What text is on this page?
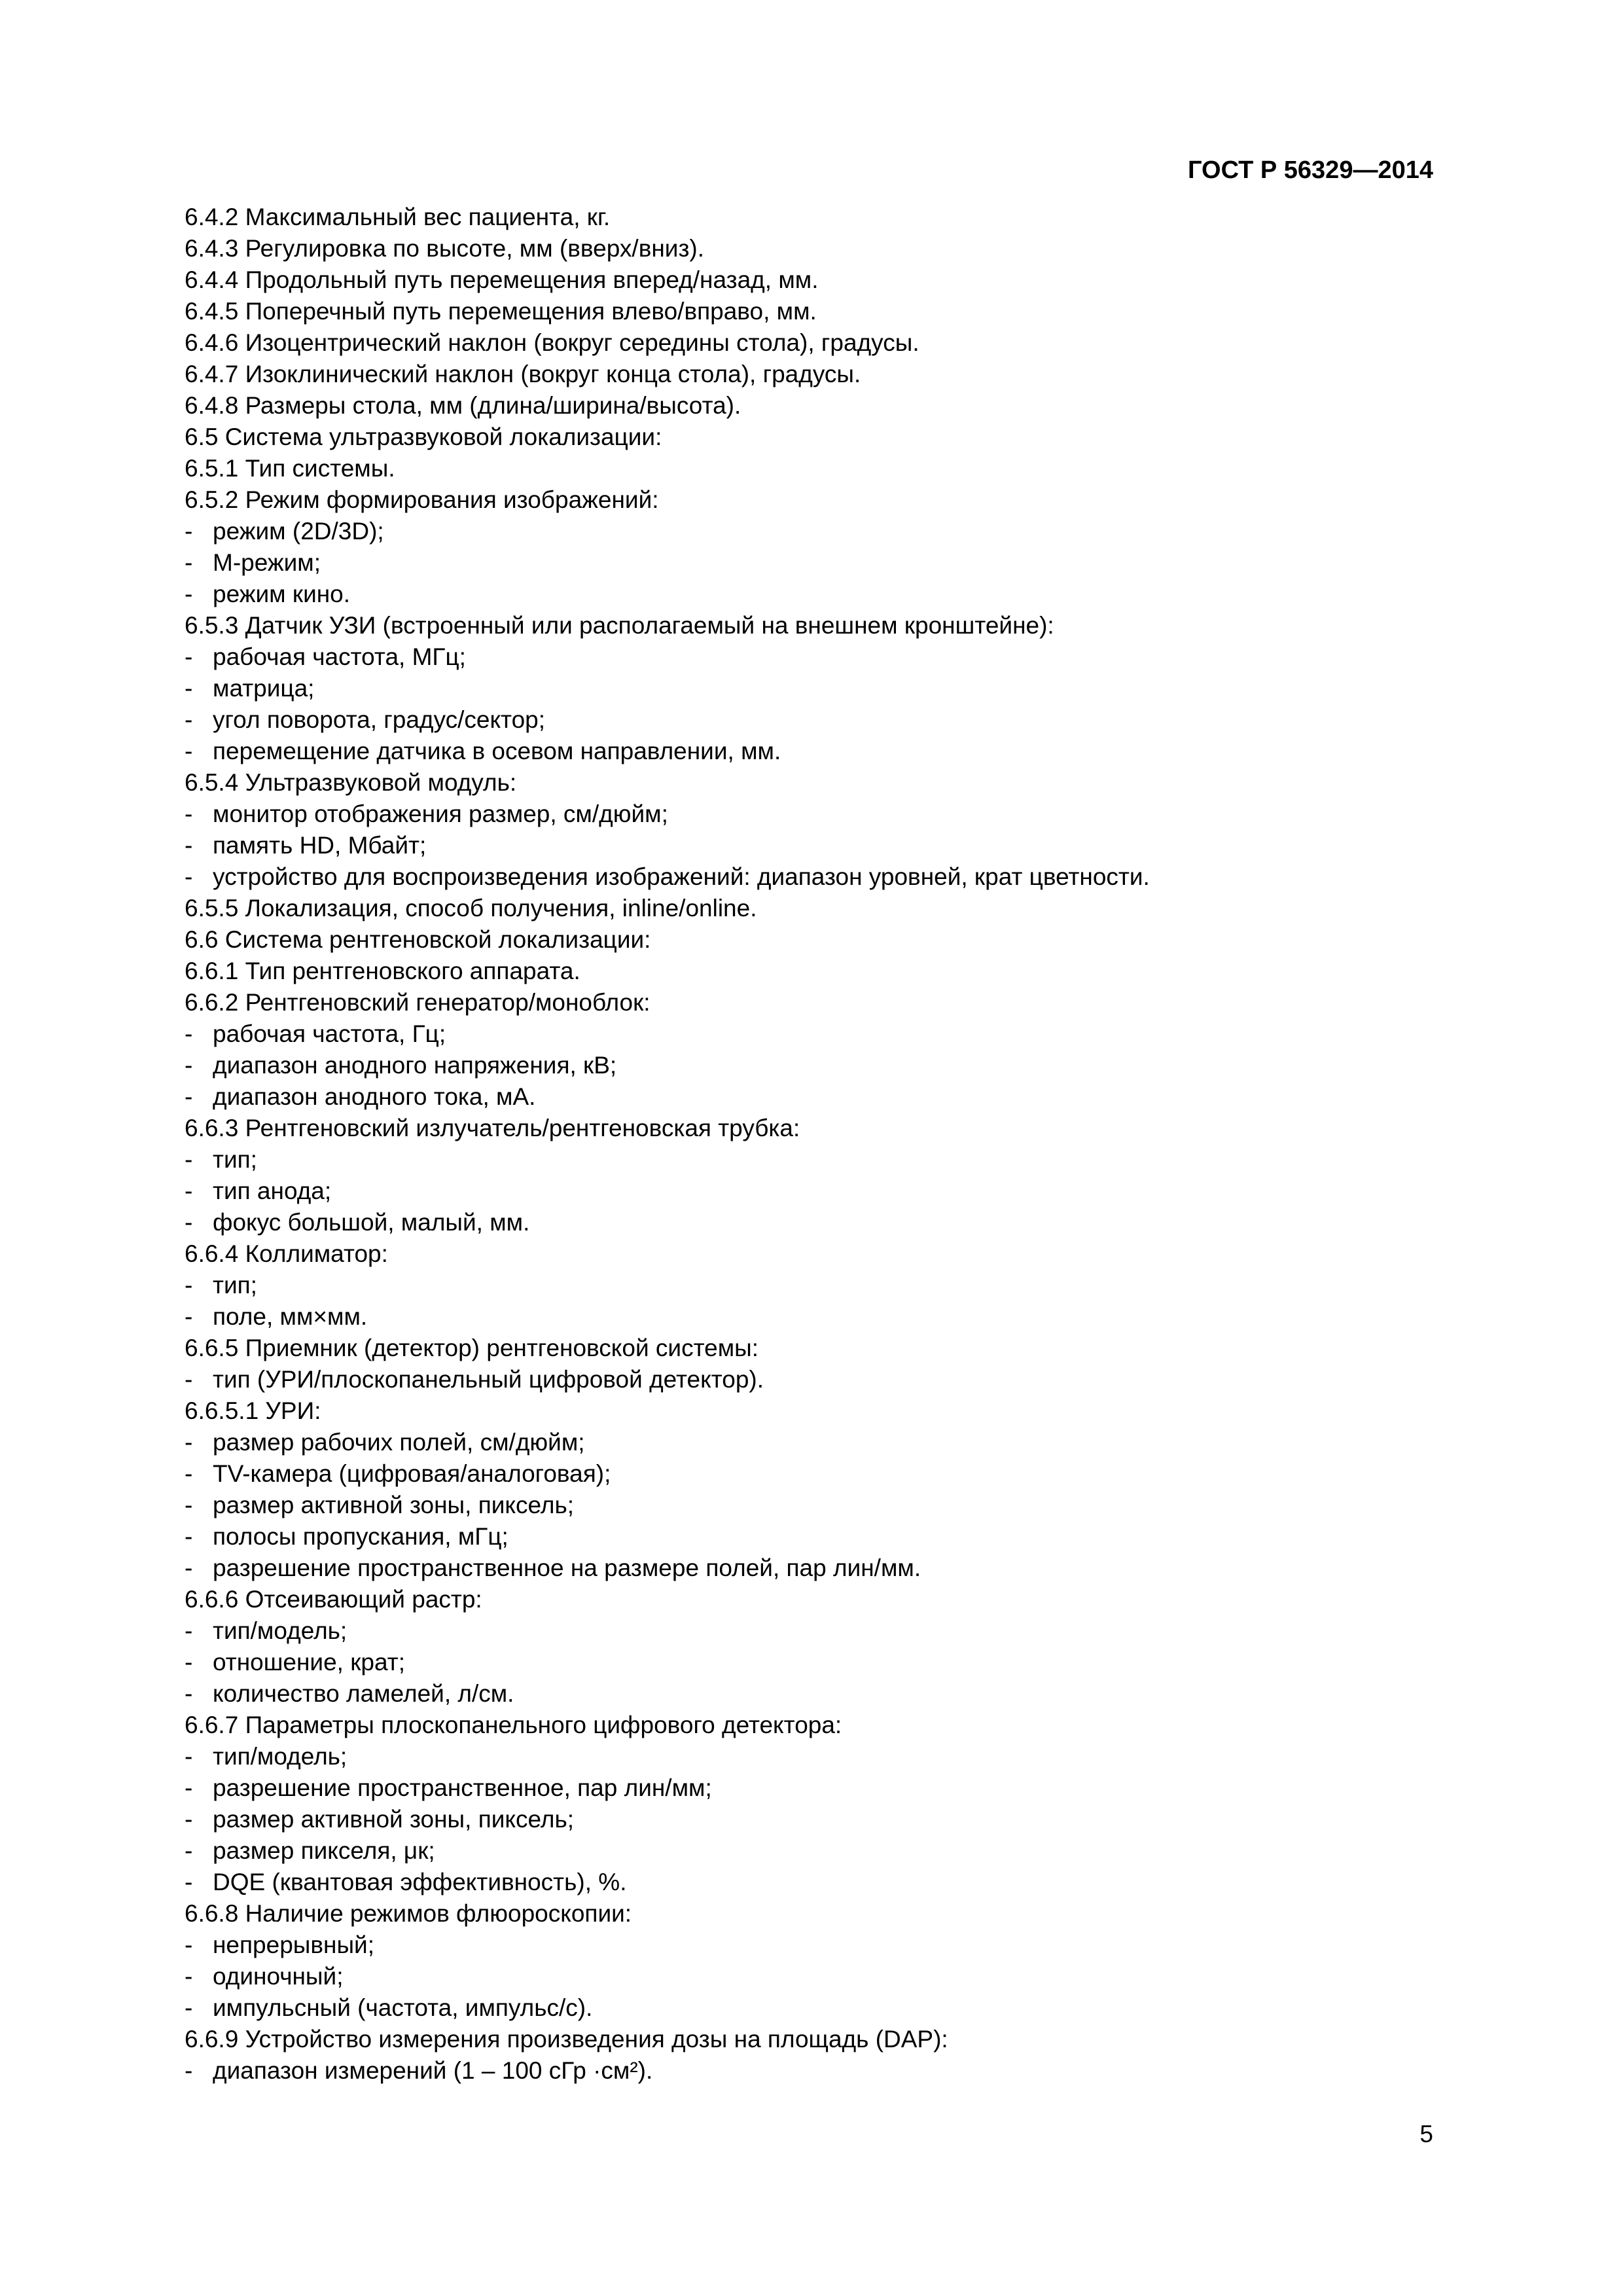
ГОСТ Р 56329—2014
6.4.2 Максимальный вес пациента, кг.
6.4.3 Регулировка по высоте, мм (вверх/вниз).
6.4.4 Продольный путь перемещения вперед/назад, мм.
6.4.5 Поперечный путь перемещения влево/вправо, мм.
6.4.6 Изоцентрический наклон (вокруг середины стола), градусы.
6.4.7 Изоклинический наклон (вокруг конца стола), градусы.
6.4.8 Размеры стола, мм (длина/ширина/высота).
6.5 Система ультразвуковой локализации:
6.5.1 Тип системы.
6.5.2 Режим формирования изображений:
- режим (2D/3D);
- М-режим;
- режим кино.
6.5.3 Датчик УЗИ (встроенный или располагаемый на внешнем кронштейне):
- рабочая частота, МГц;
- матрица;
- угол поворота, градус/сектор;
- перемещение датчика в осевом направлении, мм.
6.5.4 Ультразвуковой модуль:
- монитор отображения размер, см/дюйм;
- память HD, Мбайт;
- устройство для воспроизведения изображений: диапазон уровней, крат цветности.
6.5.5 Локализация, способ получения, inline/online.
6.6 Система рентгеновской локализации:
6.6.1 Тип рентгеновского аппарата.
6.6.2 Рентгеновский генератор/моноблок:
- рабочая частота, Гц;
- диапазон анодного напряжения, кВ;
- диапазон анодного тока, мА.
6.6.3 Рентгеновский излучатель/рентгеновская трубка:
- тип;
- тип анода;
- фокус большой, малый, мм.
6.6.4 Коллиматор:
- тип;
- поле, мм×мм.
6.6.5 Приемник (детектор) рентгеновской системы:
- тип (УРИ/плоскопанельный цифровой детектор).
6.6.5.1 УРИ:
- размер рабочих полей, см/дюйм;
- TV-камера (цифровая/аналоговая);
- размер активной зоны, пиксель;
- полосы пропускания, мГц;
- разрешение пространственное на размере полей, пар лин/мм.
6.6.6 Отсеивающий растр:
- тип/модель;
- отношение, крат;
- количество ламелей, л/см.
6.6.7 Параметры плоскопанельного цифрового детектора:
- тип/модель;
- разрешение пространственное, пар лин/мм;
- размер активной зоны, пиксель;
- размер пикселя, μк;
- DQE (квантовая эффективность), %.
6.6.8 Наличие режимов флюороскопии:
- непрерывный;
- одиночный;
- импульсный (частота, импульс/с).
6.6.9 Устройство измерения произведения дозы на площадь (DAP):
- диапазон измерений (1 – 100 сГр ·см²).
5
